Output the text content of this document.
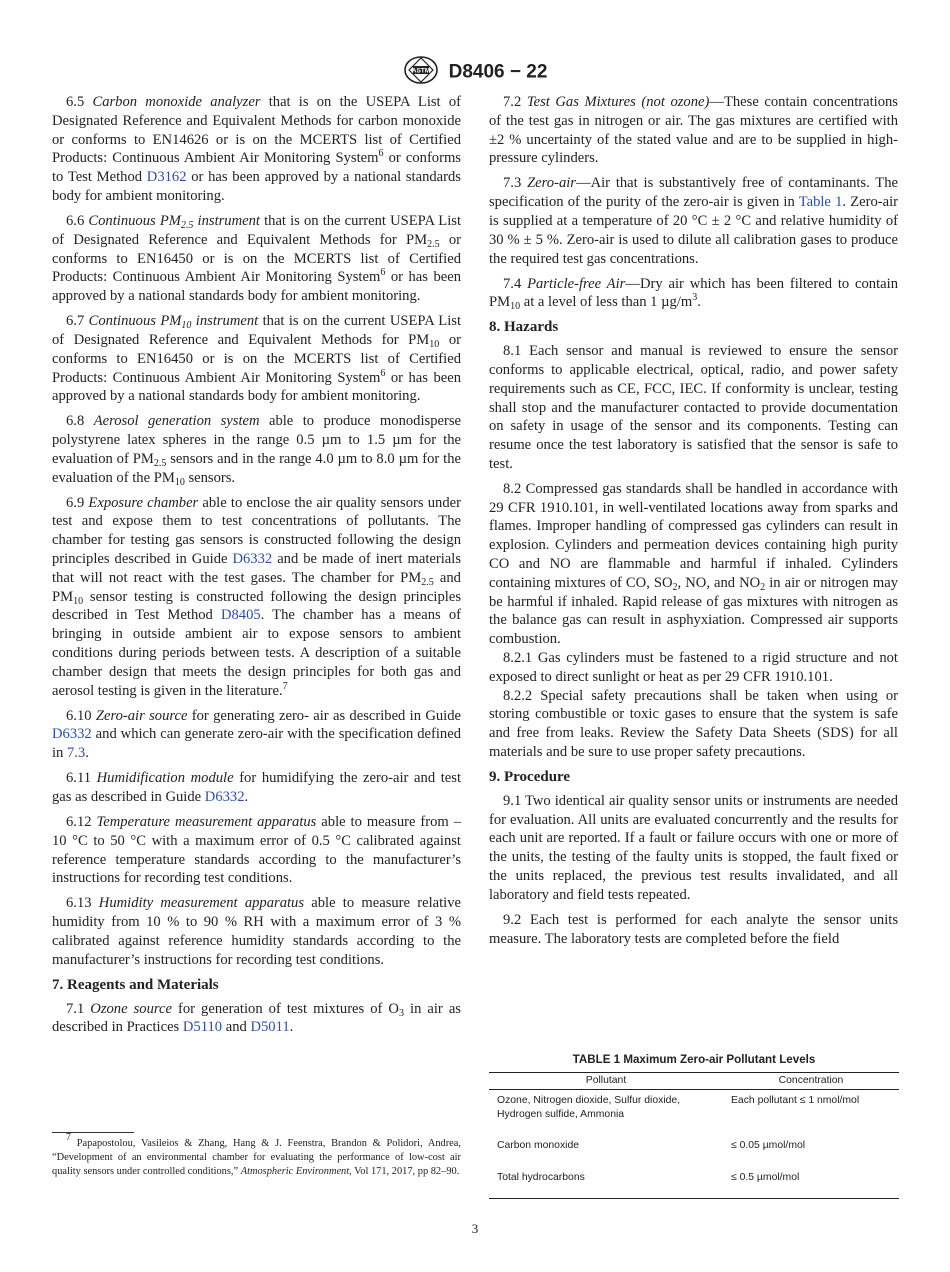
ASTM D8406 − 22

6.5 Carbon monoxide analyzer that is on the USEPA List of Designated Reference and Equivalent Methods for carbon monoxide or conforms to EN14626 or is on the MCERTS list of Certified Products: Continuous Ambient Air Monitoring System$^6$ or conforms to Test Method D3162 or has been approved by a national standards body for ambient monitoring.

6.6 Continuous $PM_{2.5}$ instrument that is on the current USEPA List of Designated Reference and Equivalent Methods for $PM_{2.5}$ or conforms to EN16450 or is on the MCERTS list of Certified Products: Continuous Ambient Air Monitoring System$^6$ or has been approved by a national standards body for ambient monitoring.

6.7 Continuous $PM_{10}$ instrument that is on the current USEPA List of Designated Reference and Equivalent Methods for $PM_{10}$ or conforms to EN16450 or is on the MCERTS list of Certified Products: Continuous Ambient Air Monitoring System$^6$ or has been approved by a national standards body for ambient monitoring.

6.8 Aerosol generation system able to produce monodisperse polystyrene latex spheres in the range 0.5 µm to 1.5 µm for the evaluation of $PM_{2.5}$ sensors and in the range 4.0 µm to 8.0 µm for the evaluation of the $PM_{10}$ sensors.

6.9 Exposure chamber able to enclose the air quality sensors under test and expose them to test concentrations of pollutants. The chamber for testing gas sensors is constructed following the design principles described in Guide D6332 and be made of inert materials that will not react with the test gases. The chamber for $PM_{2.5}$ and $PM_{10}$ sensor testing is constructed following the design principles described in Test Method D8405. The chamber has a means of bringing in outside ambient air to expose sensors to ambient conditions during periods between tests. A description of a suitable chamber design that meets the design principles for both gas and aerosol testing is given in the literature.$^7$

6.10 Zero-air source for generating zero- air as described in Guide D6332 and which can generate zero-air with the specification defined in 7.3.

6.11 Humidification module for humidifying the zero-air and test gas as described in Guide D6332.

6.12 Temperature measurement apparatus able to measure from –10 °C to 50 °C with a maximum error of 0.5 °C calibrated against reference temperature standards according to the manufacturer’s instructions for recording test conditions.

6.13 Humidity measurement apparatus able to measure relative humidity from 10 % to 90 % RH with a maximum error of 3 % calibrated against reference humidity standards according to the manufacturer’s instructions for recording test conditions.

7. Reagents and Materials

7.1 Ozone source for generation of test mixtures of $O_3$ in air as described in Practices D5110 and D5011.

$^7$ Papapostolou, Vasileios & Zhang, Hang & J. Feenstra, Brandon & Polidori, Andrea, “Development of an environmental chamber for evaluating the performance of low-cost air quality sensors under controlled conditions,” Atmospheric Environment, Vol 171, 2017, pp 82–90.

7.2 Test Gas Mixtures (not ozone)—These contain concentrations of the test gas in nitrogen or air. The gas mixtures are certified with ±2 % uncertainty of the stated value and are to be supplied in high- pressure cylinders.

7.3 Zero-air—Air that is substantively free of contaminants. The specification of the purity of the zero-air is given in Table 1. Zero-air is supplied at a temperature of 20 °C ± 2 °C and relative humidity of 30 % ± 5 %. Zero-air is used to dilute all calibration gases to produce the required test gas concentrations.

7.4 Particle-free Air—Dry air which has been filtered to contain $PM_{10}$ at a level of less than 1 $\mu g/m^3$.

8. Hazards

8.1 Each sensor and manual is reviewed to ensure the sensor conforms to applicable electrical, optical, radio, and power safety requirements such as CE, FCC, IEC. If conformity is unclear, testing shall stop and the manufacturer contacted to provide documentation on safety in usage of the sensor and its components. Testing can resume once the test laboratory is satisfied that the sensor is safe to test.

8.2 Compressed gas standards shall be handled in accordance with 29 CFR 1910.101, in well-ventilated locations away from sparks and flames. Improper handling of compressed gas cylinders can result in explosion. Cylinders and permeation devices containing high purity CO and NO are flammable and harmful if inhaled. Cylinders containing mixtures of CO, $SO_2$, NO, and $NO_2$ in air or nitrogen may be harmful if inhaled. Rapid release of gas mixtures with nitrogen as the balance gas can result in asphyxiation. Compressed air supports combustion.

8.2.1 Gas cylinders must be fastened to a rigid structure and not exposed to direct sunlight or heat as per 29 CFR 1910.101.

8.2.2 Special safety precautions shall be taken when using or storing combustible or toxic gases to ensure that the system is safe and free from leaks. Review the Safety Data Sheets (SDS) for all materials and be sure to use proper safety precautions.

9. Procedure

9.1 Two identical air quality sensor units or instruments are needed for evaluation. All units are evaluated concurrently and the results for each unit are reported. If a fault or failure occurs with one or more of the units, the testing of the faulty units is stopped, the fault fixed or the units replaced, the previous test results invalidated, and all laboratory and field tests repeated.

9.2 Each test is performed for each analyte the sensor units measure. The laboratory tests are completed before the field

TABLE 1 Maximum Zero-air Pollutant Levels
Pollutant	Concentration
Ozone, Nitrogen dioxide, Sulfur dioxide, Hydrogen sulfide, Ammonia	Each pollutant ≤ 1 nmol/mol
Carbon monoxide	≤ 0.05 µmol/mol
Total hydrocarbons	≤ 0.5 µmol/mol
3
